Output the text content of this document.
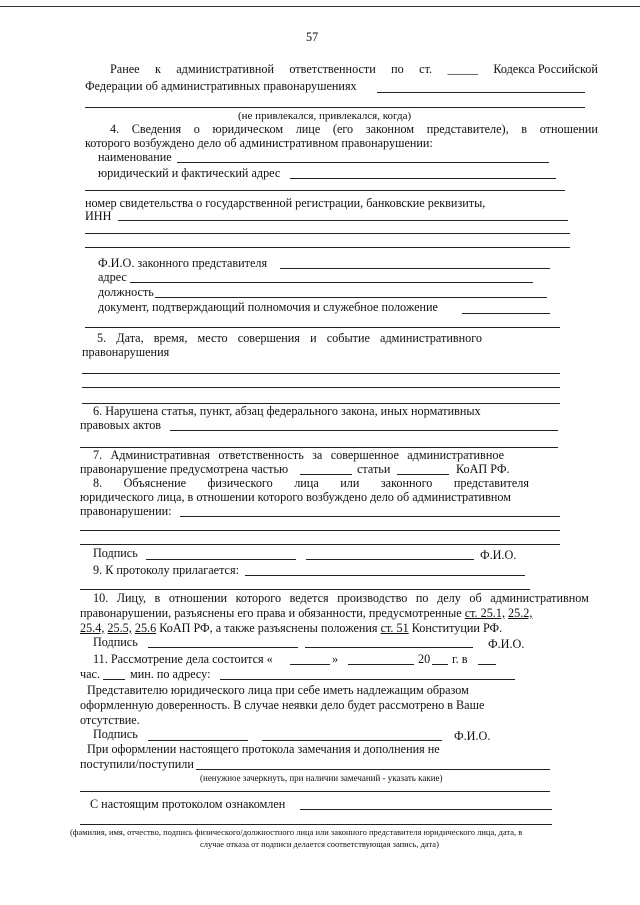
57
Ранее к административной ответственности по ст. _____ Кодекса Российской
Федерации об административных правонарушениях
(не привлекался, привлекался, когда)
4. Сведения о юридическом лице (его законном представителе), в отношении
которого возбуждено дело об административном правонарушении:
наименование
юридический и фактический адрес
номер свидетельства о государственной регистрации, банковские реквизиты,
ИНН
Ф.И.О. законного представителя
адрес
должность
документ, подтверждающий полномочия и служебное положение
5. Дата, время, место совершения и событие административного
правонарушения
6. Нарушена статья, пункт, абзац федерального закона, иных нормативных
правовых актов
7. Административная ответственность за совершенное административное
правонарушение предусмотрена частью	статьи	КоАП РФ.
8. Объяснение физического лица или законного представителя
юридического лица, в отношении которого возбуждено дело об административном
правонарушении:
Подпись	Ф.И.О.
9. К протоколу прилагается:
10. Лицу, в отношении которого ведется производство по делу об административном
правонарушении, разъяснены его права и обязанности, предусмотренные ст. 25.1, 25.2,
25.4, 25.5, 25.6 КоАП РФ, а также разъяснены положения ст. 51 Конституции РФ.
Подпись	Ф.И.О.
11. Рассмотрение дела состоится «	»	20 г. в
час. мин. по адресу:
Представителю юридического лица при себе иметь надлежащим образом
оформленную доверенность. В случае неявки дело будет рассмотрено в Ваше
отсутствие.
Подпись	Ф.И.О.
При оформлении настоящего протокола замечания и дополнения не
поступили/поступили
(ненужное зачеркнуть, при наличии замечаний - указать какие)
С настоящим протоколом ознакомлен
(фамилия, имя, отчество, подпись физического/должностного лица или законного представителя юридического лица, дата, в
случае отказа от подписи делается соответствующая запись, дата)
